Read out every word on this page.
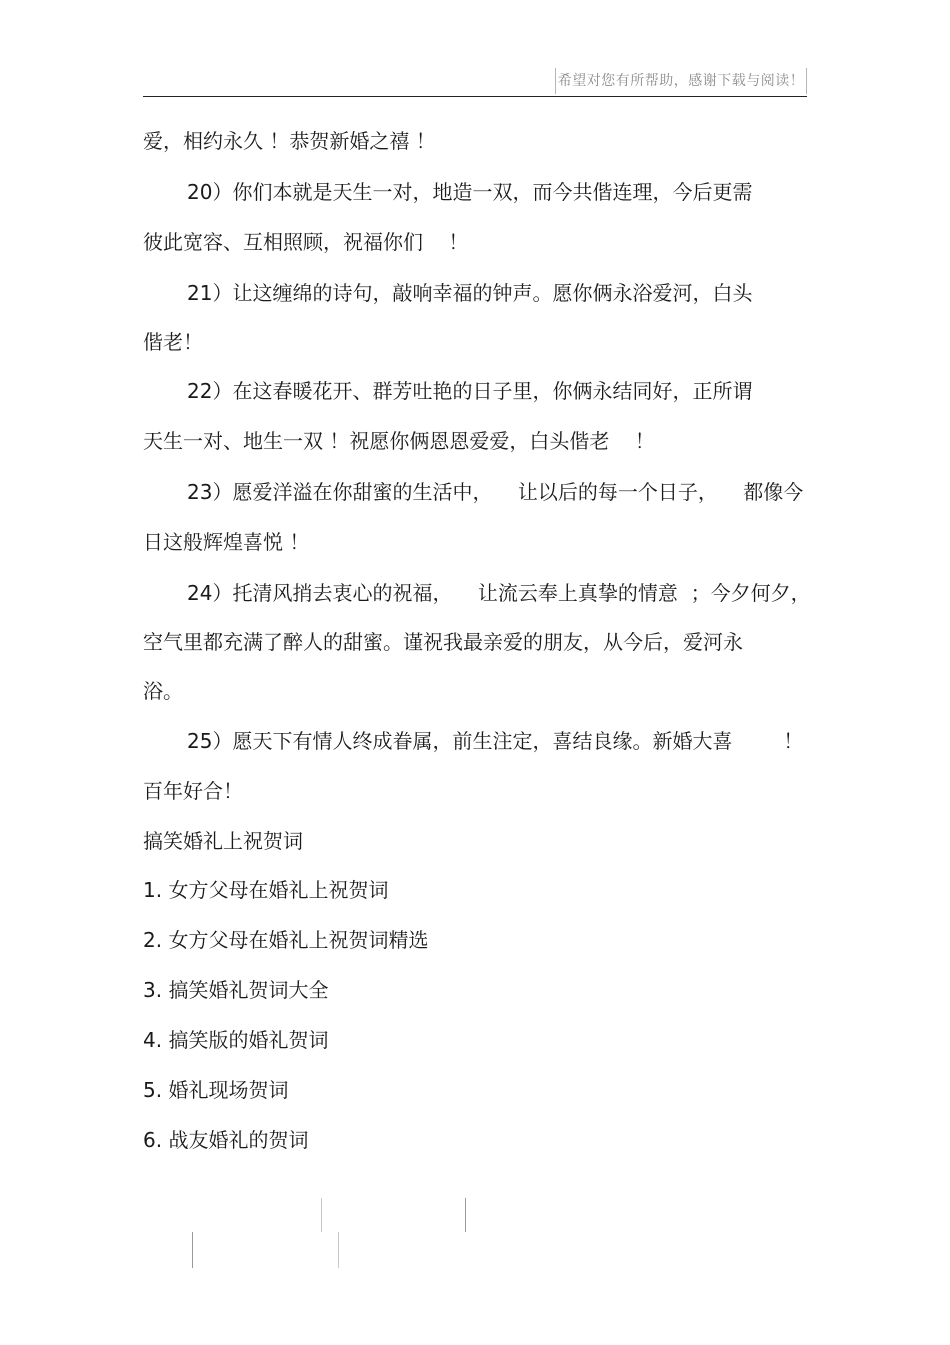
希望对您有所帮助，感谢下载与阅读！
爱，相约永久 ！恭贺新婚之禧 ！
20）你们本就是天生一对，地造一双，而今共偕连理，今后更需
彼此宽容、互相照顾，祝福你们    ！
21）让这缠绵的诗句，敲响幸福的钟声。愿你俩永浴爱河，白头
偕老！
22）在这春暖花开、群芳吐艳的日子里，你俩永结同好，正所谓
天生一对、地生一双 ！祝愿你俩恩恩爱爱，白头偕老    ！
23）愿爱洋溢在你甜蜜的生活中，    让以后的每一个日子，    都像今
日这般辉煌喜悦 ！
24）托清风捎去衷心的祝福，    让流云奉上真挚的情意  ；今夕何夕，
空气里都充满了醉人的甜蜜。谨祝我最亲爱的朋友，从今后，爱河永
浴。
25）愿天下有情人终成眷属，前生注定，喜结良缘。新婚大喜        ！
百年好合！
搞笑婚礼上祝贺词
1. 女方父母在婚礼上祝贺词
2. 女方父母在婚礼上祝贺词精选
3. 搞笑婚礼贺词大全
4. 搞笑版的婚礼贺词
5. 婚礼现场贺词
6. 战友婚礼的贺词
